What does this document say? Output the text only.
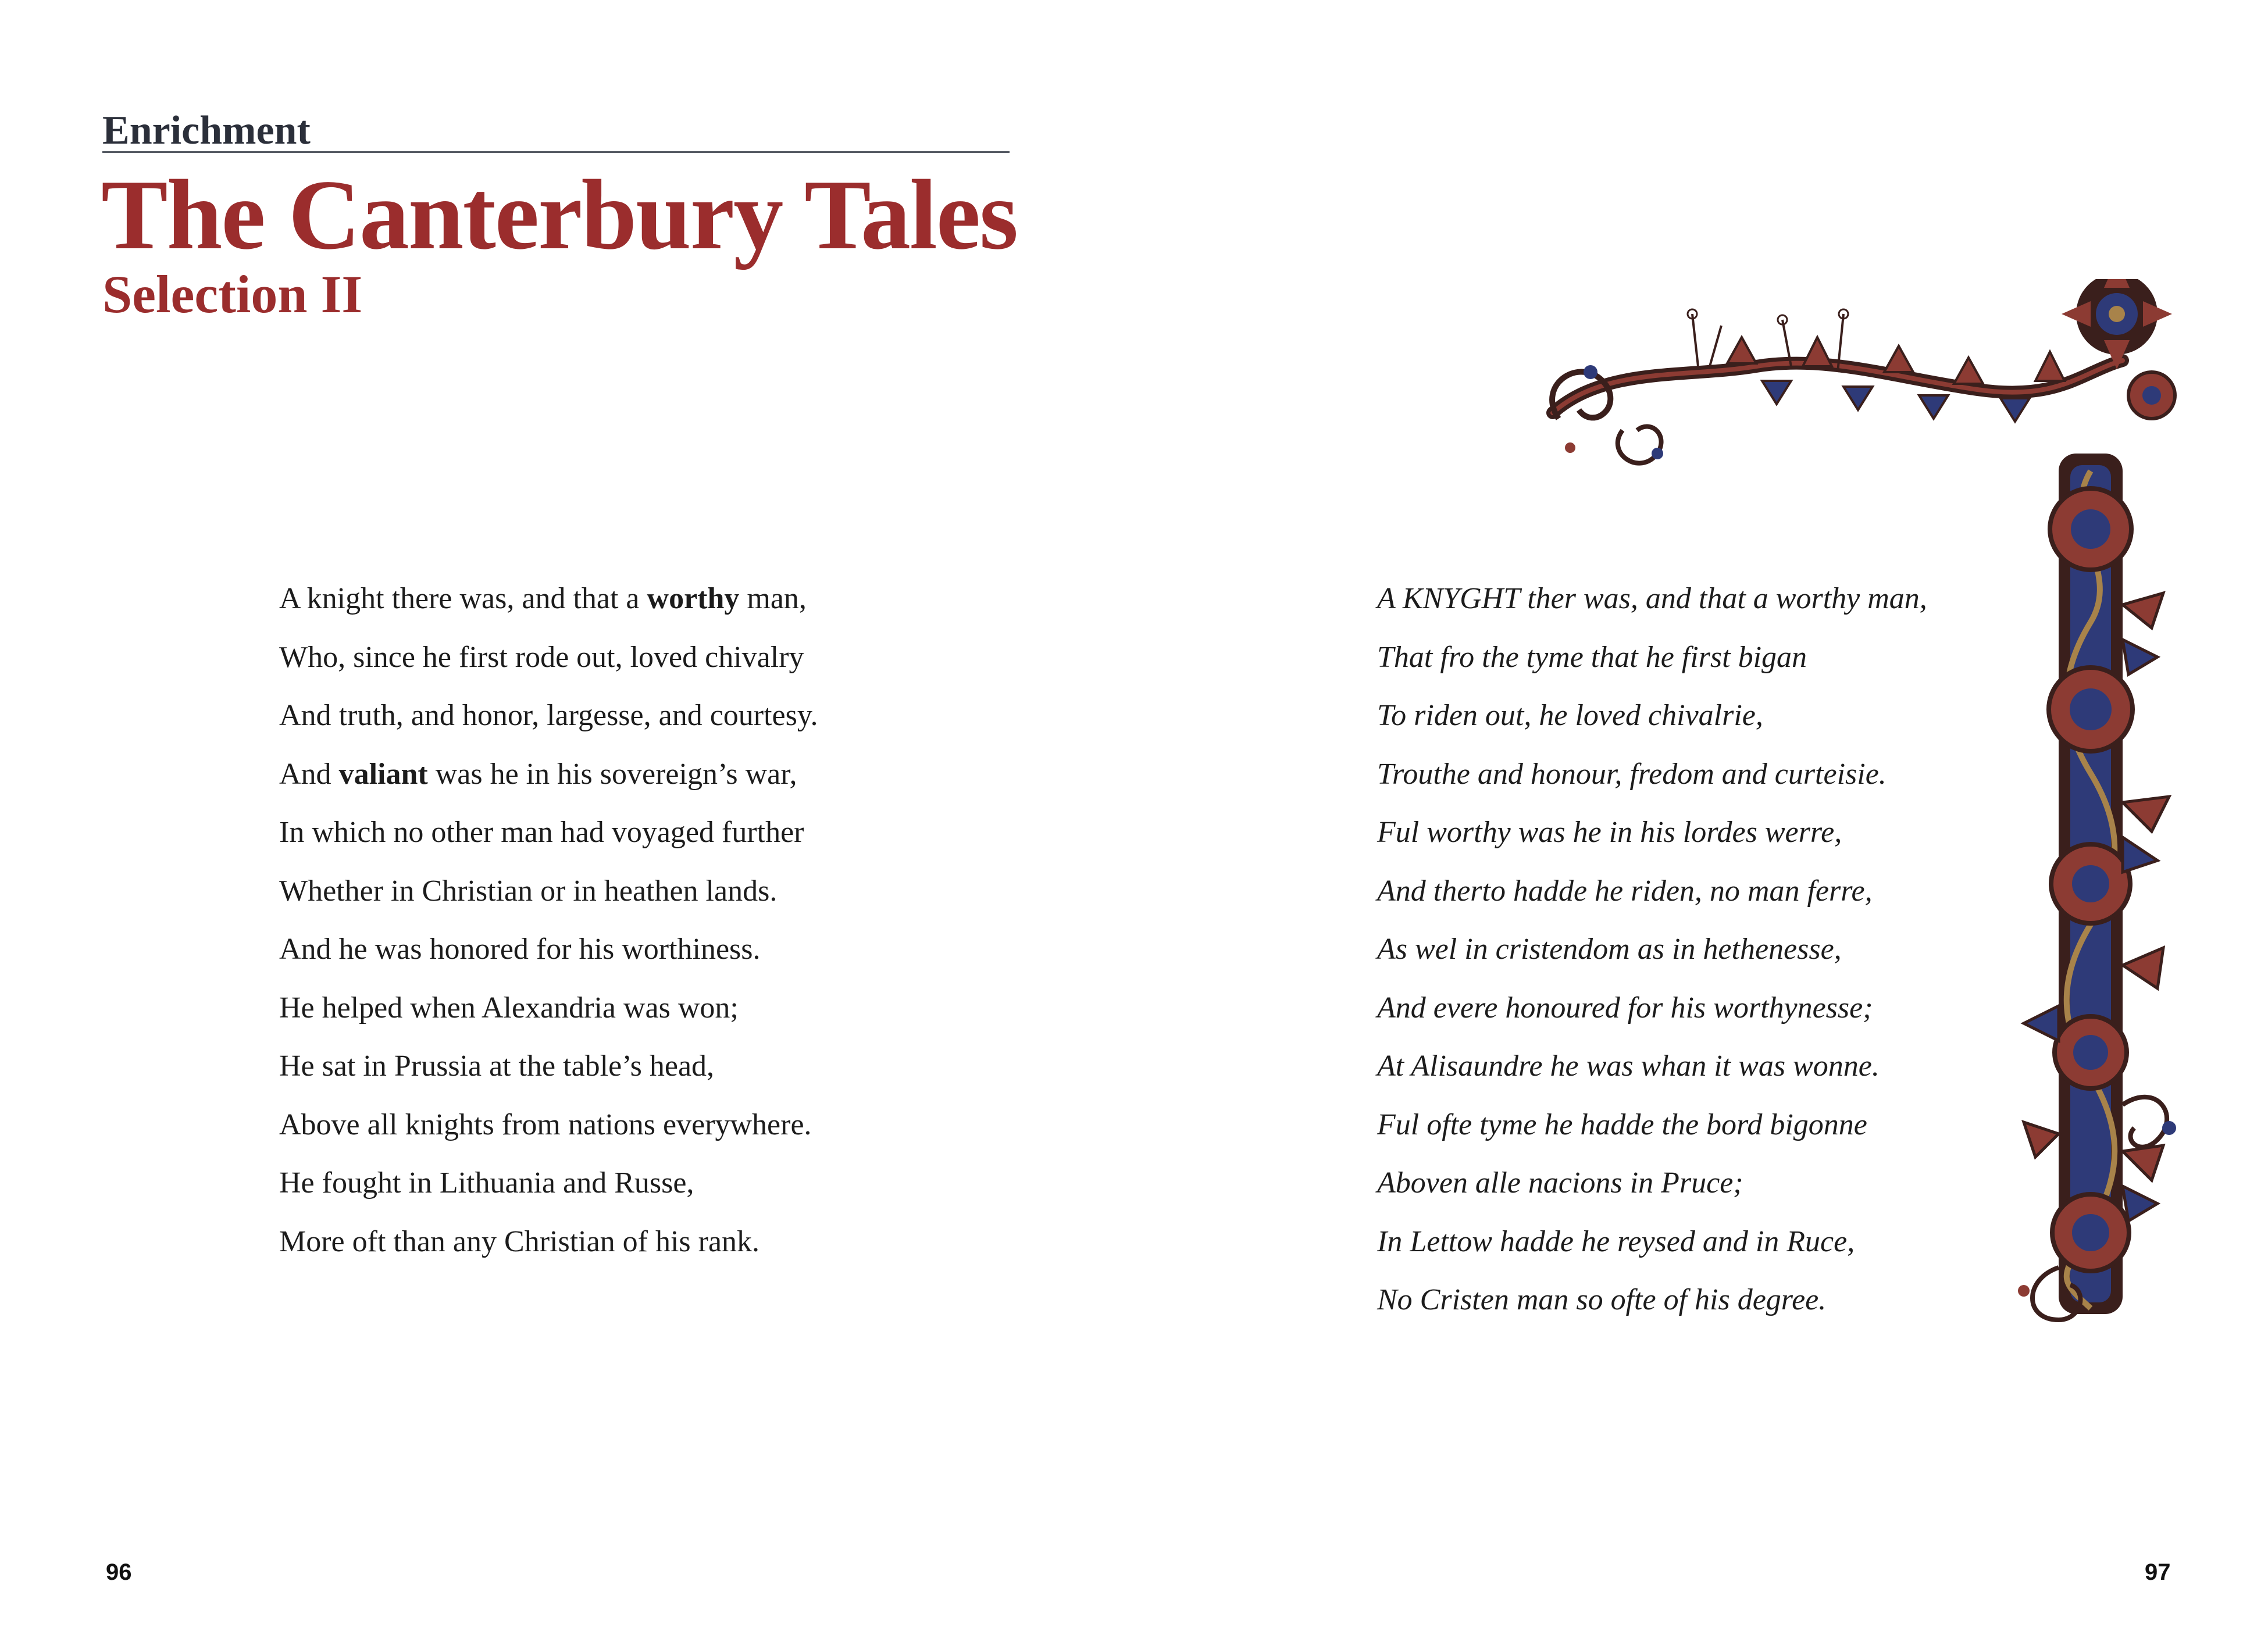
Enrichment
The Canterbury Tales
Selection II
A knight there was, and that a worthy man,
Who, since he first rode out, loved chivalry
And truth, and honor, largesse, and courtesy.
And valiant was he in his sovereign’s war,
In which no other man had voyaged further
Whether in Christian or in heathen lands.
And he was honored for his worthiness.
He helped when Alexandria was won;
He sat in Prussia at the table’s head,
Above all knights from nations everywhere.
He fought in Lithuania and Russe,
More oft than any Christian of his rank.
96
A KNYGHT ther was, and that a worthy man,
That fro the tyme that he first bigan
To riden out, he loved chivalrie,
Trouthe and honour, fredom and curteisie.
Ful worthy was he in his lordes werre,
And therto hadde he riden, no man ferre,
As wel in cristendom as in hethenesse,
And evere honoured for his worthynesse;
At Alisaundre he was whan it was wonne.
Ful ofte tyme he hadde the bord bigonne
Aboven alle nacions in Pruce;
In Lettow hadde he reysed and in Ruce,
No Cristen man so ofte of his degree.
97
